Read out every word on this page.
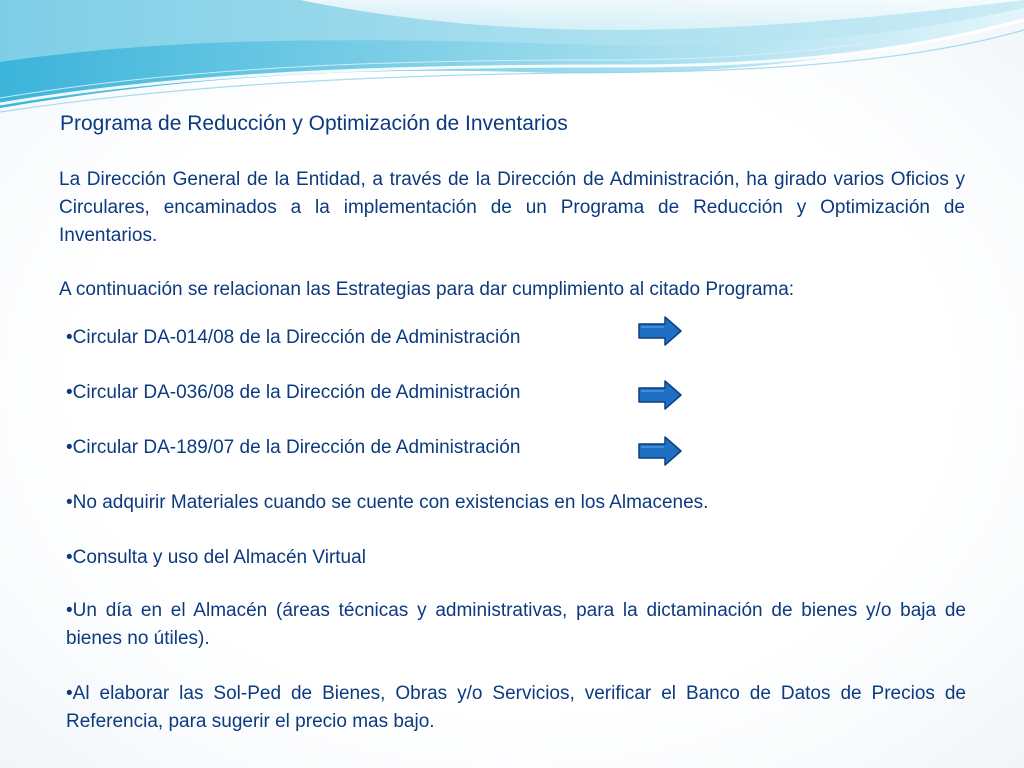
Programa de Reducción y Optimización de Inventarios
La Dirección General de la Entidad, a través de la Dirección de Administración, ha girado varios Oficios y Circulares, encaminados a la implementación de un Programa de Reducción y Optimización de Inventarios.
A continuación se relacionan las Estrategias para dar cumplimiento al citado Programa:
•Circular DA-014/08 de la Dirección de Administración
•Circular DA-036/08 de la Dirección de Administración
•Circular DA-189/07 de la Dirección de Administración
•No adquirir Materiales cuando se cuente con existencias en los Almacenes.
•Consulta y uso del Almacén Virtual
•Un día en el Almacén (áreas técnicas y administrativas, para la dictaminación de bienes y/o baja de bienes no útiles).
•Al elaborar las Sol-Ped de Bienes, Obras y/o Servicios, verificar el Banco de Datos de Precios de Referencia, para sugerir el precio mas bajo.
